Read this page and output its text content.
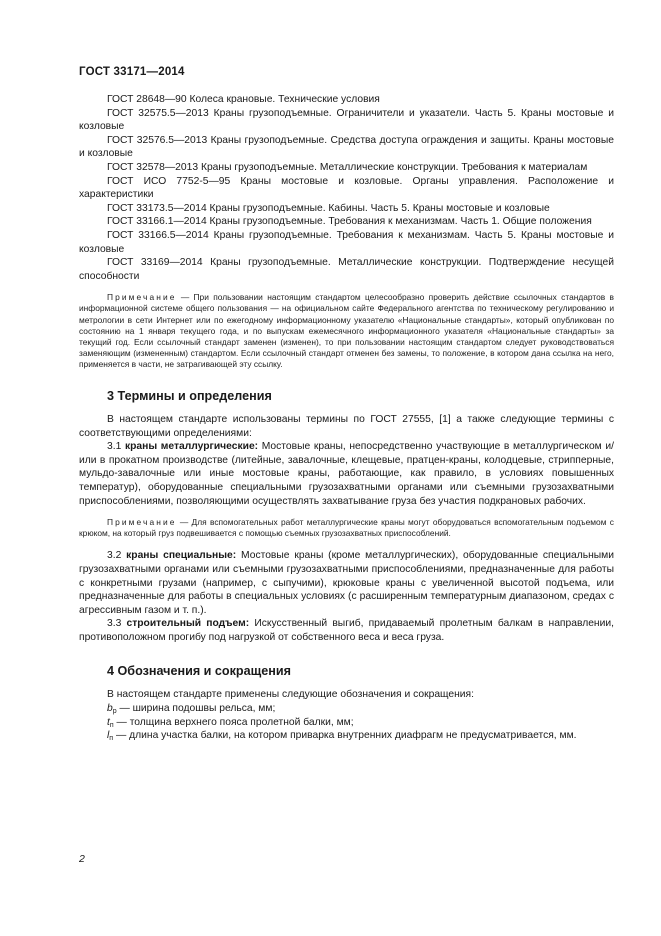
ГОСТ 33171—2014

ГОСТ 28648—90 Колеса крановые. Технические условия

ГОСТ 32575.5—2013 Краны грузоподъемные. Ограничители и указатели. Часть 5. Краны мостовые и козловые

ГОСТ 32576.5—2013 Краны грузоподъемные. Средства доступа ограждения и защиты. Краны мостовые и козловые

ГОСТ 32578—2013 Краны грузоподъемные. Металлические конструкции. Требования к материалам

ГОСТ ИСО 7752-5—95 Краны мостовые и козловые. Органы управления. Расположение и характеристики

ГОСТ 33173.5—2014 Краны грузоподъемные. Кабины. Часть 5. Краны мостовые и козловые

ГОСТ 33166.1—2014 Краны грузоподъемные. Требования к механизмам. Часть 1. Общие положения

ГОСТ 33166.5—2014 Краны грузоподъемные. Требования к механизмам. Часть 5. Краны мостовые и козловые

ГОСТ 33169—2014 Краны грузоподъемные. Металлические конструкции. Подтверждение несущей способности

Примечание — При пользовании настоящим стандартом целесообразно проверить действие ссылочных стандартов в информационной системе общего пользования — на официальном сайте Федерального агентства по техническому регулированию и метрологии в сети Интернет или по ежегодному информационному указателю «Национальные стандарты», который опубликован по состоянию на 1 января текущего года, и по выпускам ежемесячного информационного указателя «Национальные стандарты» за текущий год. Если ссылочный стандарт заменен (изменен), то при пользовании настоящим стандартом следует руководствоваться заменяющим (измененным) стандартом. Если ссылочный стандарт отменен без замены, то положение, в котором дана ссылка на него, применяется в части, не затрагивающей эту ссылку.

3 Термины и определения

В настоящем стандарте использованы термины по ГОСТ 27555, [1] а также следующие термины с соответствующими определениями:

3.1 краны металлургические: Мостовые краны, непосредственно участвующие в металлургическом и/или в прокатном производстве (литейные, завалочные, клещевые, пратцен-краны, колодцевые, стрипперные, мульдо-завалочные или иные мостовые краны, работающие, как правило, в условиях повышенных температур), оборудованные специальными грузозахватными органами или съемными грузозахватными приспособлениями, позволяющими осуществлять захватывание груза без участия подкрановых рабочих.

Примечание — Для вспомогательных работ металлургические краны могут оборудоваться вспомогательным подъемом с крюком, на который груз подвешивается с помощью съемных грузозахватных приспособлений.

3.2 краны специальные: Мостовые краны (кроме металлургических), оборудованные специальными грузозахватными органами или съемными грузозахватными приспособлениями, предназначенные для работы с конкретными грузами (например, с сыпучими), крюковые краны с увеличенной высотой подъема, или предназначенные для работы в специальных условиях (с расширенным температурным диапазоном, средах с агрессивным газом и т. п.).

3.3 строительный подъем: Искусственный выгиб, придаваемый пролетным балкам в направлении, противоположном прогибу под нагрузкой от собственного веса и веса груза.

4 Обозначения и сокращения

В настоящем стандарте применены следующие обозначения и сокращения:

$b_p$ — ширина подошвы рельса, мм;

$t_п$ — толщина верхнего пояса пролетной балки, мм;

$l_п$ — длина участка балки, на котором приварка внутренних диафрагм не предусматривается, мм.

2
